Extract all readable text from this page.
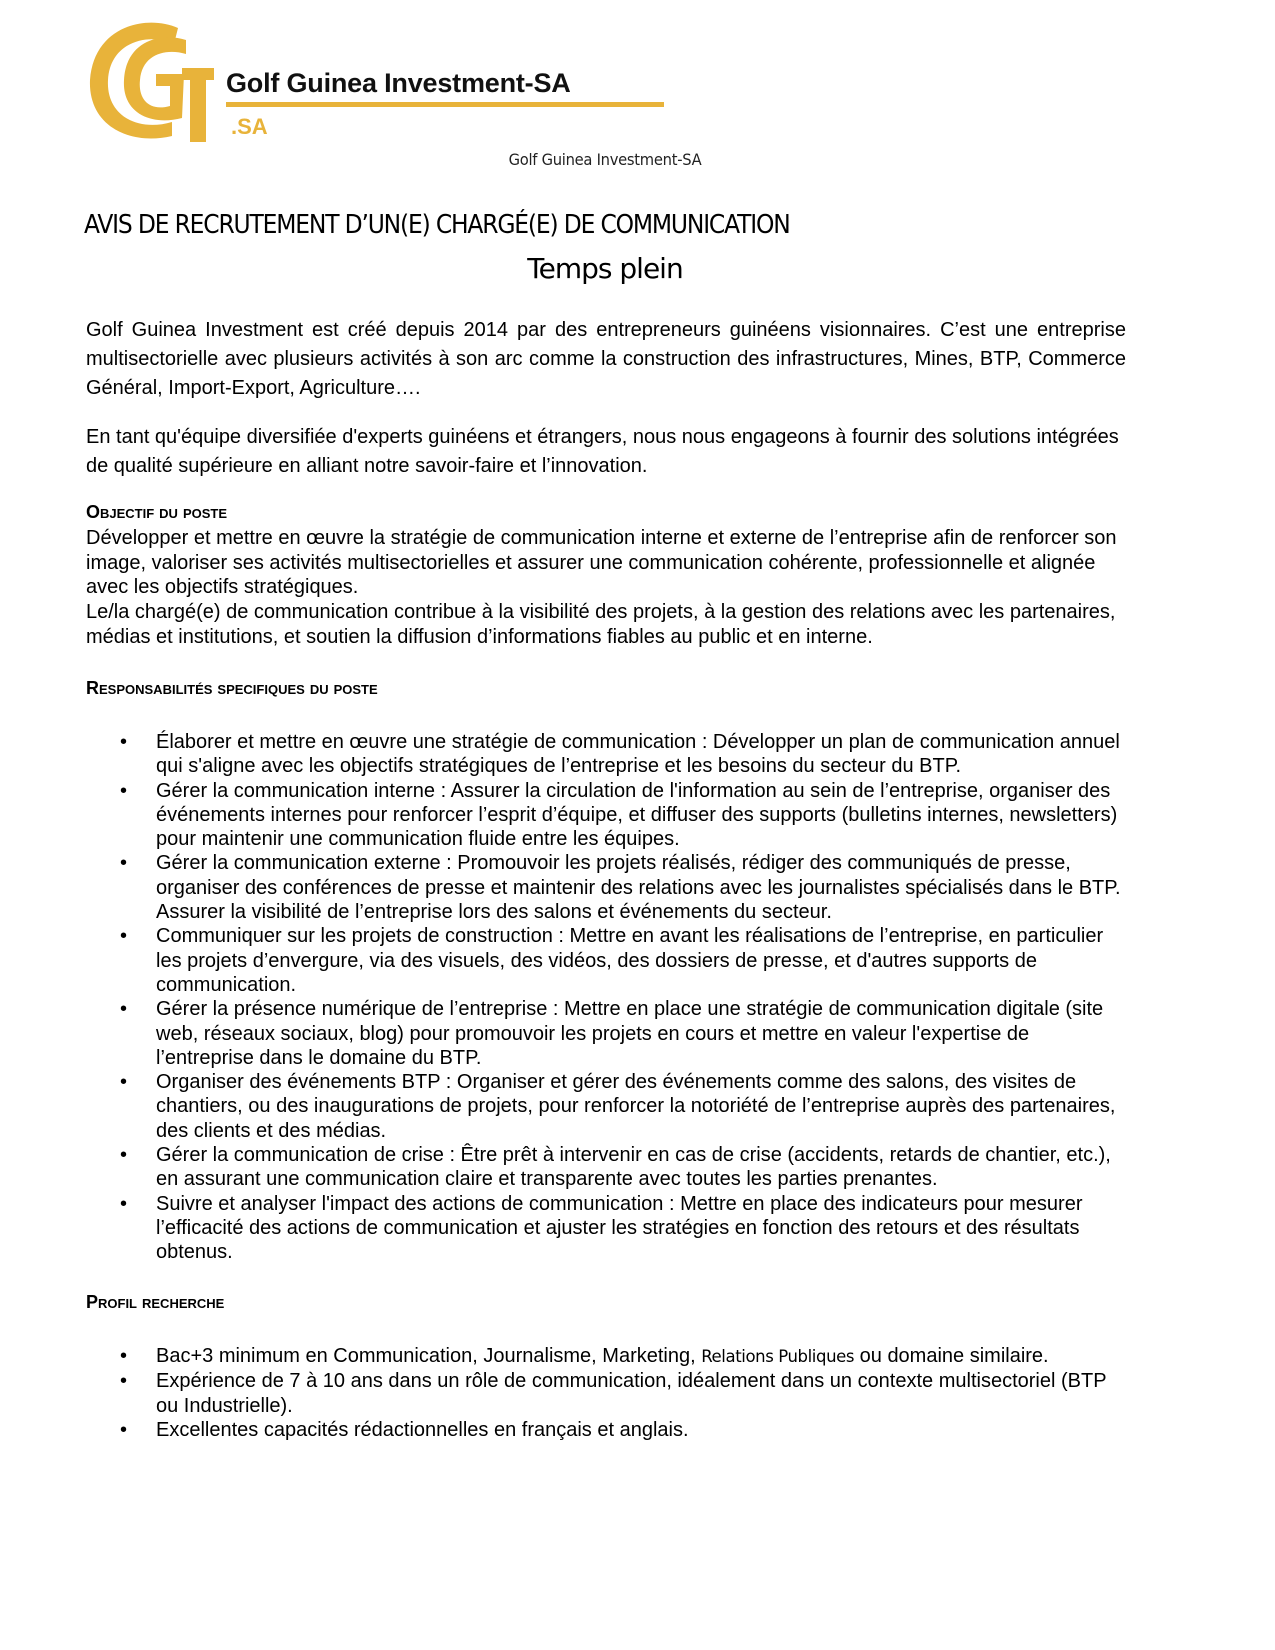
Golf Guinea Investment-SA
.SA
Golf Guinea Investment-SA
AVIS DE RECRUTEMENT D’UN(E) CHARGÉ(E) DE COMMUNICATION
Temps plein
Golf Guinea Investment est créé depuis 2014 par des entrepreneurs guinéens visionnaires. C’est une entreprise multisectorielle avec plusieurs activités à son arc comme la construction des infrastructures, Mines, BTP, Commerce Général, Import-Export, Agriculture….
En tant qu'équipe diversifiée d'experts guinéens et étrangers, nous nous engageons à fournir des solutions intégrées de qualité supérieure en alliant notre savoir-faire et l’innovation.
Objectif du poste
Développer et mettre en œuvre la stratégie de communication interne et externe de l’entreprise afin de renforcer son image, valoriser ses activités multisectorielles et assurer une communication cohérente, professionnelle et alignée avec les objectifs stratégiques.
Le/la chargé(e) de communication contribue à la visibilité des projets, à la gestion des relations avec les partenaires, médias et institutions, et soutien la diffusion d’informations fiables au public et en interne.
Responsabilités specifiques du poste
• Élaborer et mettre en œuvre une stratégie de communication : Développer un plan de communication annuel qui s'aligne avec les objectifs stratégiques de l’entreprise et les besoins du secteur du BTP.
• Gérer la communication interne : Assurer la circulation de l'information au sein de l’entreprise, organiser des événements internes pour renforcer l’esprit d’équipe, et diffuser des supports (bulletins internes, newsletters) pour maintenir une communication fluide entre les équipes.
• Gérer la communication externe : Promouvoir les projets réalisés, rédiger des communiqués de presse, organiser des conférences de presse et maintenir des relations avec les journalistes spécialisés dans le BTP. Assurer la visibilité de l’entreprise lors des salons et événements du secteur.
• Communiquer sur les projets de construction : Mettre en avant les réalisations de l’entreprise, en particulier les projets d’envergure, via des visuels, des vidéos, des dossiers de presse, et d'autres supports de communication.
• Gérer la présence numérique de l’entreprise : Mettre en place une stratégie de communication digitale (site web, réseaux sociaux, blog) pour promouvoir les projets en cours et mettre en valeur l'expertise de l’entreprise dans le domaine du BTP.
• Organiser des événements BTP : Organiser et gérer des événements comme des salons, des visites de chantiers, ou des inaugurations de projets, pour renforcer la notoriété de l’entreprise auprès des partenaires, des clients et des médias.
• Gérer la communication de crise : Être prêt à intervenir en cas de crise (accidents, retards de chantier, etc.), en assurant une communication claire et transparente avec toutes les parties prenantes.
• Suivre et analyser l'impact des actions de communication : Mettre en place des indicateurs pour mesurer l’efficacité des actions de communication et ajuster les stratégies en fonction des retours et des résultats obtenus.
Profil recherche
• Bac+3 minimum en Communication, Journalisme, Marketing, Relations Publiques ou domaine similaire.
• Expérience de 7 à 10 ans dans un rôle de communication, idéalement dans un contexte multisectoriel (BTP ou Industrielle).
• Excellentes capacités rédactionnelles en français et anglais.
